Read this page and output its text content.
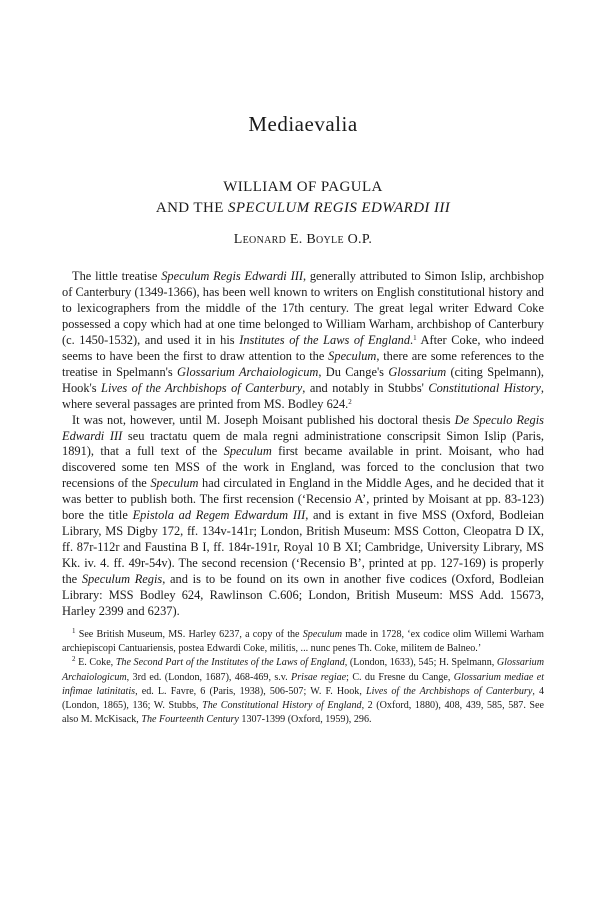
Mediaevalia
WILLIAM OF PAGULA
AND THE SPECULUM REGIS EDWARDI III
Leonard E. Boyle O.P.

The little treatise Speculum Regis Edwardi III, generally attributed to Simon Islip, archbishop of Canterbury (1349-1366), has been well known to writers on English constitutional history and to lexicographers from the middle of the 17th century. The great legal writer Edward Coke possessed a copy which had at one time belonged to William Warham, archbishop of Canterbury (c. 1450-1532), and used it in his Institutes of the Laws of England.$^1$ After Coke, who indeed seems to have been the first to draw attention to the Speculum, there are some references to the treatise in Spelmann's Glossarium Archaiologicum, Du Cange's Glossarium (citing Spelmann), Hook's Lives of the Archbishops of Canterbury, and notably in Stubbs' Constitutional History, where several passages are printed from MS. Bodley 624.$^2$

It was not, however, until M. Joseph Moisant published his doctoral thesis De Speculo Regis Edwardi III seu tractatu quem de mala regni administratione conscripsit Simon Islip (Paris, 1891), that a full text of the Speculum first became available in print. Moisant, who had discovered some ten MSS of the work in England, was forced to the conclusion that two recensions of the Speculum had circulated in England in the Middle Ages, and he decided that it was better to publish both. The first recension (‘Recensio A’, printed by Moisant at pp. 83-123) bore the title Epistola ad Regem Edwardum III, and is extant in five MSS (Oxford, Bodleian Library, MS Digby 172, ff. 134v-141r; London, British Museum: MSS Cotton, Cleopatra D IX, ff. 87r-112r and Faustina B I, ff. 184r-191r, Royal 10 B XI; Cambridge, University Library, MS Kk. iv. 4. ff. 49r-54v). The second recension (‘Recensio B’, printed at pp. 127-169) is properly the Speculum Regis, and is to be found on its own in another five codices (Oxford, Bodleian Library: MSS Bodley 624, Rawlinson C.606; London, British Museum: MSS Add. 15673, Harley 2399 and 6237).

$^1$ See British Museum, MS. Harley 6237, a copy of the Speculum made in 1728, ‘ex codice olim Willemi Warham archiepiscopi Cantuariensis, postea Edwardi Coke, militis, ... nunc penes Th. Coke, militem de Balneo.’

$^2$ E. Coke, The Second Part of the Institutes of the Laws of England, (London, 1633), 545; H. Spelmann, Glossarium Archaiologicum, 3rd ed. (London, 1687), 468-469, s.v. Prisae regiae; C. du Fresne du Cange, Glossarium mediae et infimae latinitatis, ed. L. Favre, 6 (Paris, 1938), 506-507; W. F. Hook, Lives of the Archbishops of Canterbury, 4 (London, 1865), 136; W. Stubbs, The Constitutional History of England, 2 (Oxford, 1880), 408, 439, 585, 587. See also M. McKisack, The Fourteenth Century 1307-1399 (Oxford, 1959), 296.
